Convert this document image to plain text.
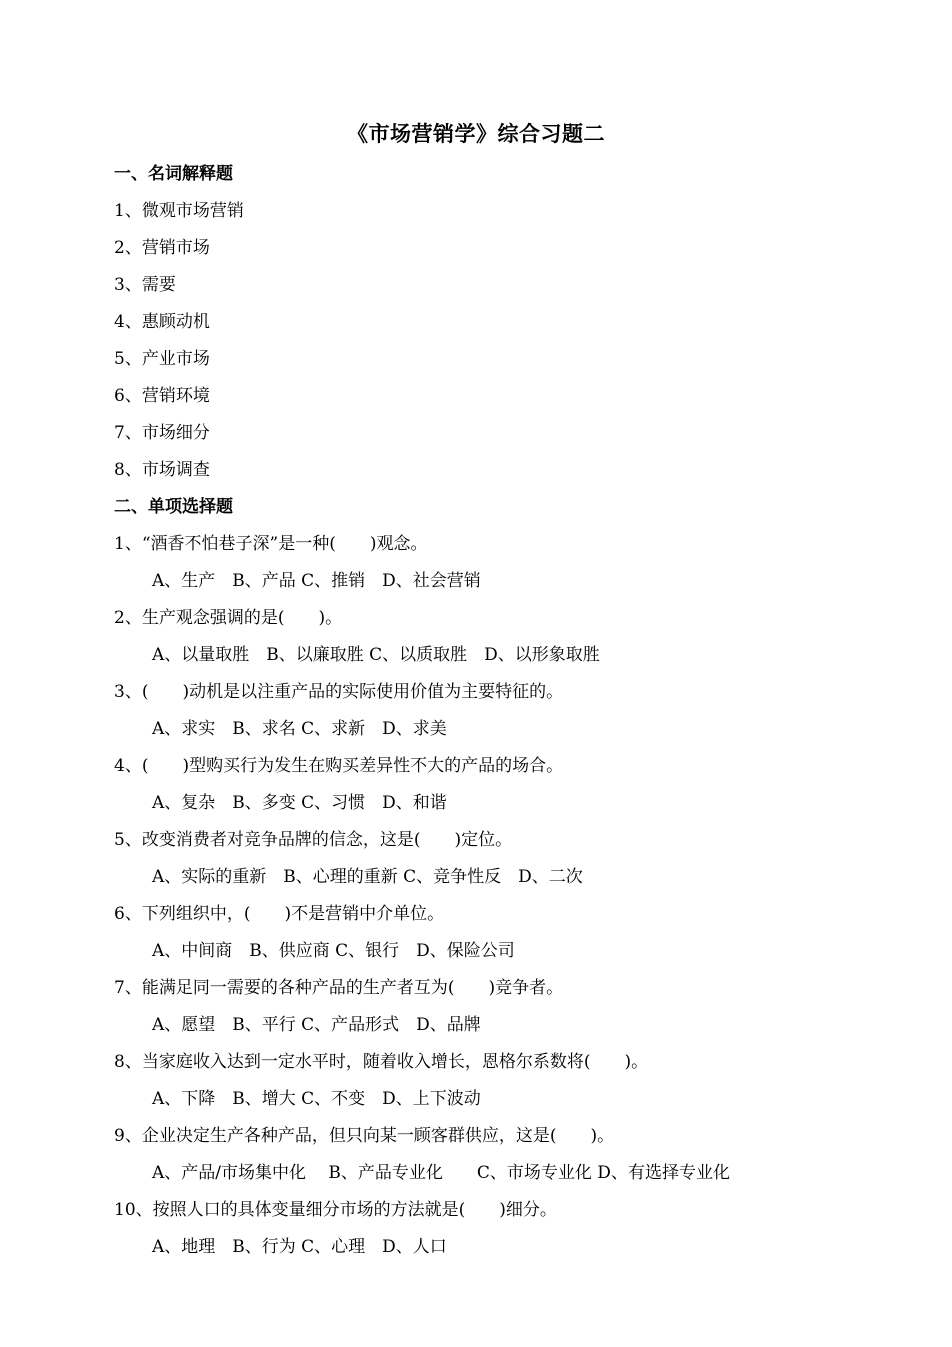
《市场营销学》综合习题二
一、名词解释题
1、微观市场营销
2、营销市场
3、需要
4、惠顾动机
5、产业市场
6、营销环境
7、市场细分
8、市场调查
二、单项选择题
1、“酒香不怕巷子深”是一种(　　)观念。
A、生产　B、产品 C、推销　D、社会营销
2、生产观念强调的是(　　)。
A、以量取胜　B、以廉取胜 C、以质取胜　D、以形象取胜
3、(　　)动机是以注重产品的实际使用价值为主要特征的。
A、求实　B、求名 C、求新　D、求美
4、(　　)型购买行为发生在购买差异性不大的产品的场合。
A、复杂　B、多变 C、习惯　D、和谐
5、改变消费者对竞争品牌的信念，这是(　　)定位。
A、实际的重新　B、心理的重新 C、竞争性反　D、二次
6、下列组织中，(　　)不是营销中介单位。
A、中间商　B、供应商 C、银行　D、保险公司
7、能满足同一需要的各种产品的生产者互为(　　)竞争者。
A、愿望　B、平行 C、产品形式　D、品牌
8、当家庭收入达到一定水平时，随着收入增长，恩格尔系数将(　　)。
A、下降　B、增大 C、不变　D、上下波动
9、企业决定生产各种产品，但只向某一顾客群供应，这是(　　)。
A、产品/市场集中化　 B、产品专业化　　C、市场专业化 D、有选择专业化
10、按照人口的具体变量细分市场的方法就是(　　)细分。
A、地理　B、行为 C、心理　D、人口
